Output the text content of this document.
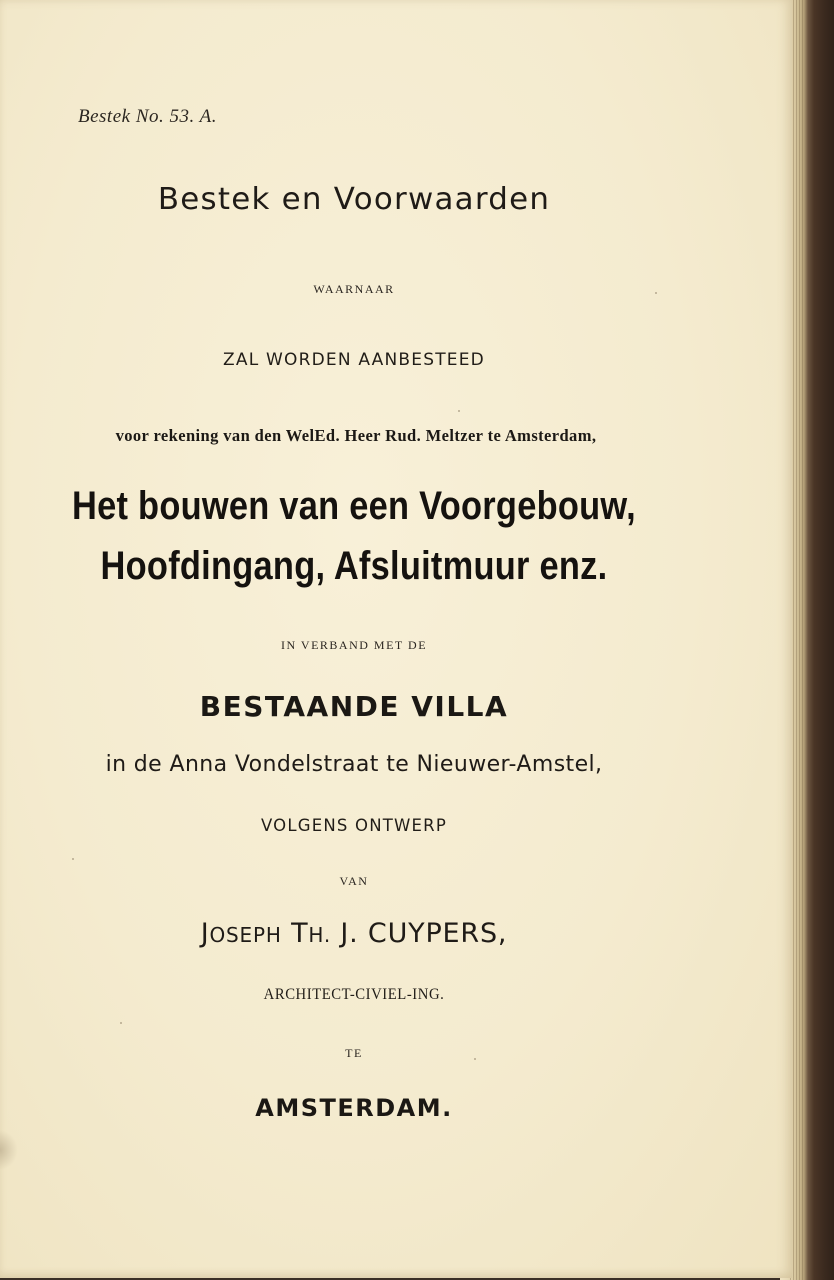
Bestek No. 53. A.
Bestek en Voorwaarden
WAARNAAR
ZAL WORDEN AANBESTEED
voor rekening van den WelEd. Heer Rud. Meltzer te Amsterdam,
Het bouwen van een Voorgebouw,
Hoofdingang, Afsluitmuur enz.
IN VERBAND MET DE
BESTAANDE VILLA
in de Anna Vondelstraat te Nieuwer-Amstel,
VOLGENS ONTWERP
VAN
JOSEPH TH. J. CUYPERS,
ARCHITECT-CIVIEL-ING.
TE
AMSTERDAM.
